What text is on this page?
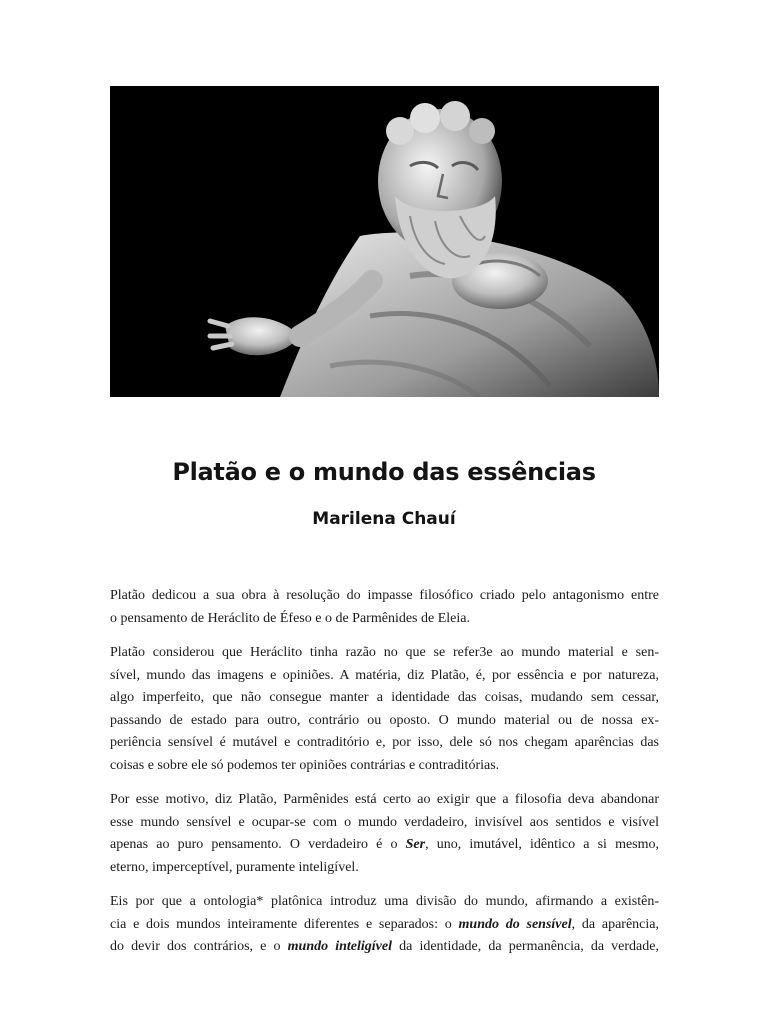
Platão e o mundo das essências
Marilena Chauí

Platão dedicou a sua obra à resolução do impasse filosófico criado pelo antagonismo entre
o pensamento de Heráclito de Éfeso e o de Parmênides de Eleia.

Platão considerou que Heráclito tinha razão no que se refer3e ao mundo material e sen-
sível, mundo das imagens e opiniões. A matéria, diz Platão, é, por essência e por natureza,
algo imperfeito, que não consegue manter a identidade das coisas, mudando sem cessar,
passando de estado para outro, contrário ou oposto. O mundo material ou de nossa ex-
periência sensível é mutável e contraditório e, por isso, dele só nos chegam aparências das
coisas e sobre ele só podemos ter opiniões contrárias e contraditórias.

Por esse motivo, diz Platão, Parmênides está certo ao exigir que a filosofia deva abandonar
esse mundo sensível e ocupar-se com o mundo verdadeiro, invisível aos sentidos e visível
apenas ao puro pensamento. O verdadeiro é o Ser, uno, imutável, idêntico a si mesmo,
eterno, imperceptível, puramente inteligível.

Eis por que a ontologia* platônica introduz uma divisão do mundo, afirmando a existên-
cia e dois mundos inteiramente diferentes e separados: o mundo do sensível, da aparência,
do devir dos contrários, e o mundo inteligível da identidade, da permanência, da verdade,
